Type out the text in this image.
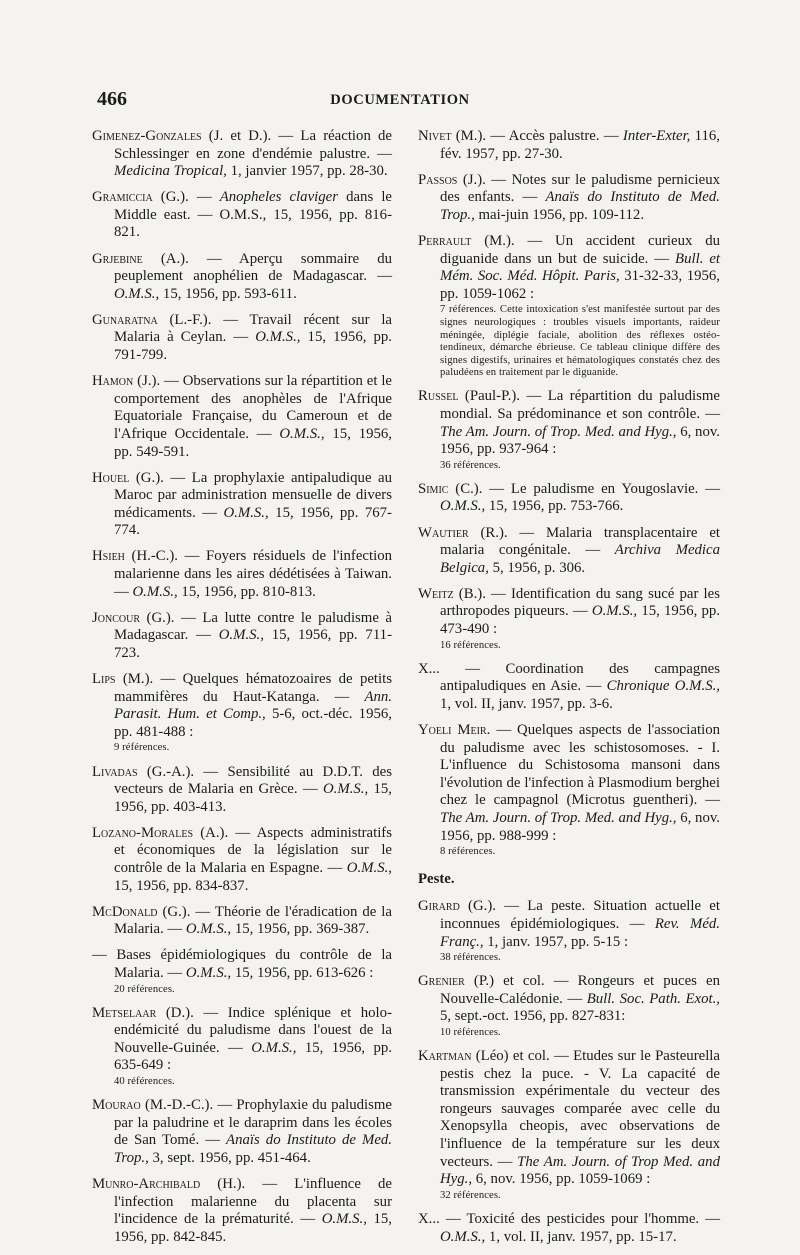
466	DOCUMENTATION

Gimenez-Gonzales (J. et D.). — La réaction de Schlessinger en zone d'endémie palustre. — Medicina Tropical, 1, janvier 1957, pp. 28-30.

Gramiccia (G.). — Anopheles claviger dans le Middle east. — O.M.S., 15, 1956, pp. 816-821.

Grjebine (A.). — Aperçu sommaire du peuplement anophélien de Madagascar. — O.M.S., 15, 1956, pp. 593-611.

Gunaratna (L.-F.). — Travail récent sur la Malaria à Ceylan. — O.M.S., 15, 1956, pp. 791-799.

Hamon (J.). — Observations sur la répartition et le comportement des anophèles de l'Afrique Equatoriale Française, du Cameroun et de l'Afrique Occidentale. — O.M.S., 15, 1956, pp. 549-591.

Houel (G.). — La prophylaxie antipaludique au Maroc par administration mensuelle de divers médicaments. — O.M.S., 15, 1956, pp. 767-774.

Hsieh (H.-C.). — Foyers résiduels de l'infection malarienne dans les aires dédétisées à Taiwan. — O.M.S., 15, 1956, pp. 810-813.

Joncour (G.). — La lutte contre le paludisme à Madagascar. — O.M.S., 15, 1956, pp. 711-723.

Lips (M.). — Quelques hématozoaires de petits mammifères du Haut-Katanga. — Ann. Parasit. Hum. et Comp., 5-6, oct.-déc. 1956, pp. 481-488 :

9 références.

Livadas (G.-A.). — Sensibilité au D.D.T. des vecteurs de Malaria en Grèce. — O.M.S., 15, 1956, pp. 403-413.

Lozano-Morales (A.). — Aspects administratifs et économiques de la législation sur le contrôle de la Malaria en Espagne. — O.M.S., 15, 1956, pp. 834-837.

McDonald (G.). — Théorie de l'éradication de la Malaria. — O.M.S., 15, 1956, pp. 369-387.

— Bases épidémiologiques du contrôle de la Malaria. — O.M.S., 15, 1956, pp. 613-626 :

20 références.

Metselaar (D.). — Indice splénique et holo-endémicité du paludisme dans l'ouest de la Nouvelle-Guinée. — O.M.S., 15, 1956, pp. 635-649 :

40 références.

Mourao (M.-D.-C.). — Prophylaxie du paludisme par la paludrine et le daraprim dans les écoles de San Tomé. — Anaïs do Instituto de Med. Trop., 3, sept. 1956, pp. 451-464.

Munro-Archibald (H.). — L'influence de l'infection malarienne du placenta sur l'incidence de la prématurité. — O.M.S., 15, 1956, pp. 842-845.

Nivet (M.). — Accès palustre. — Inter-Exter, 116, fév. 1957, pp. 27-30.

Passos (J.). — Notes sur le paludisme pernicieux des enfants. — Anaïs do Instituto de Med. Trop., mai-juin 1956, pp. 109-112.

Perrault (M.). — Un accident curieux du diguanide dans un but de suicide. — Bull. et Mém. Soc. Méd. Hôpit. Paris, 31-32-33, 1956, pp. 1059-1062 :

7 références. Cette intoxication s'est manifestée surtout par des signes neurologiques : troubles visuels importants, raideur méningée, diplégie faciale, abolition des réflexes ostéo-tendineux, démarche ébrieuse. Ce tableau clinique diffère des signes digestifs, urinaires et hématologiques constatés chez des paludéens en traitement par le diguanide.

Russel (Paul-P.). — La répartition du paludisme mondial. Sa prédominance et son contrôle. — The Am. Journ. of Trop. Med. and Hyg., 6, nov. 1956, pp. 937-964 :

36 références.

Simic (C.). — Le paludisme en Yougoslavie. — O.M.S., 15, 1956, pp. 753-766.

Wautier (R.). — Malaria transplacentaire et malaria congénitale. — Archiva Medica Belgica, 5, 1956, p. 306.

Weitz (B.). — Identification du sang sucé par les arthropodes piqueurs. — O.M.S., 15, 1956, pp. 473-490 :

16 références.

X... — Coordination des campagnes antipaludiques en Asie. — Chronique O.M.S., 1, vol. II, janv. 1957, pp. 3-6.

Yoeli Meir. — Quelques aspects de l'association du paludisme avec les schistosomoses. - I. L'influence du Schistosoma mansoni dans l'évolution de l'infection à Plasmodium berghei chez le campagnol (Microtus guentheri). — The Am. Journ. of Trop. Med. and Hyg., 6, nov. 1956, pp. 988-999 :

8 références.
Peste.

Girard (G.). — La peste. Situation actuelle et inconnues épidémiologiques. — Rev. Méd. Franç., 1, janv. 1957, pp. 5-15 :

38 références.

Grenier (P.) et col. — Rongeurs et puces en Nouvelle-Calédonie. — Bull. Soc. Path. Exot., 5, sept.-oct. 1956, pp. 827-831:

10 références.

Kartman (Léo) et col. — Etudes sur le Pasteurella pestis chez la puce. - V. La capacité de transmission expérimentale du vecteur des rongeurs sauvages comparée avec celle du Xenopsylla cheopis, avec observations de l'influence de la température sur les deux vecteurs. — The Am. Journ. of Trop Med. and Hyg., 6, nov. 1956, pp. 1059-1069 :

32 références.

X... — Toxicité des pesticides pour l'homme. — O.M.S., 1, vol. II, janv. 1957, pp. 15-17.
